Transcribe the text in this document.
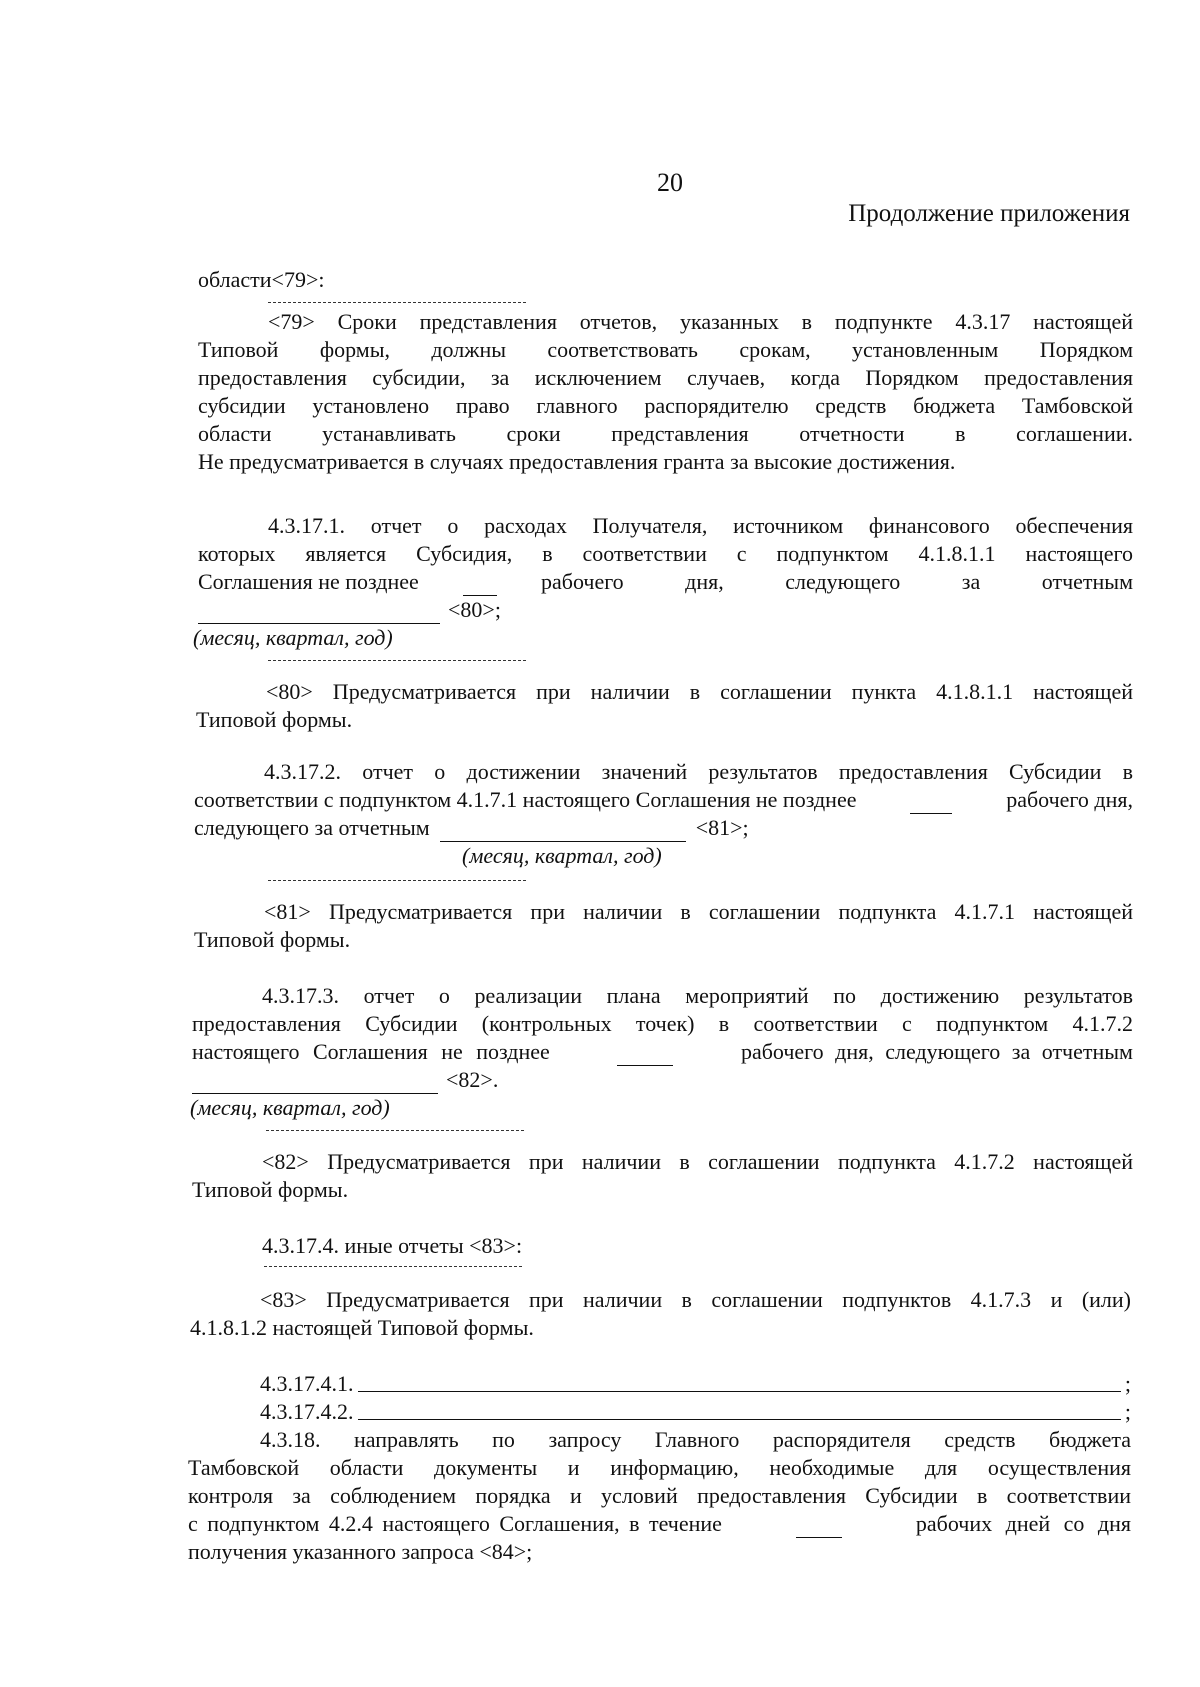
20
Продолжение приложения
области<79>:
<79> Сроки представления отчетов, указанных в подпункте 4.3.17 настоящей
Типовой формы, должны соответствовать срокам, установленным Порядком
предоставления субсидии, за исключением случаев, когда Порядком предоставления
субсидии установлено право главного распорядителю средств бюджета Тамбовской
области устанавливать сроки представления отчетности в соглашении.
Не предусматривается в случаях предоставления гранта за высокие достижения.
4.3.17.1. отчет о расходах Получателя, источником финансового обеспечения
которых является Субсидия, в соответствии с подпунктом 4.1.8.1.1 настоящего
Соглашения не позднее	рабочего дня, следующего за отчетным
<80>;
(месяц, квартал, год)
<80> Предусматривается при наличии в соглашении пункта 4.1.8.1.1 настоящей
Типовой формы.
4.3.17.2. отчет о достижении значений результатов предоставления Субсидии в
соответствии с подпунктом 4.1.7.1 настоящего Соглашения не позднее	рабочего дня,
следующего за отчетным	<81>;
(месяц, квартал, год)
<81> Предусматривается при наличии в соглашении подпункта 4.1.7.1 настоящей
Типовой формы.
4.3.17.3. отчет о реализации плана мероприятий по достижению результатов
предоставления Субсидии (контрольных точек) в соответствии с подпунктом 4.1.7.2
настоящего Соглашения не позднее	рабочего дня, следующего за отчетным
<82>.
(месяц, квартал, год)
<82> Предусматривается при наличии в соглашении подпункта 4.1.7.2 настоящей
Типовой формы.
4.3.17.4. иные отчеты <83>:
<83> Предусматривается при наличии в соглашении подпунктов 4.1.7.3 и (или)
4.1.8.1.2 настоящей Типовой формы.
4.3.17.4.1.	;
4.3.17.4.2.	;
4.3.18. направлять по запросу Главного распорядителя средств бюджета
Тамбовской области документы и информацию, необходимые для осуществления
контроля за соблюдением порядка и условий предоставления Субсидии в соответствии
с подпунктом 4.2.4 настоящего Соглашения, в течение	рабочих дней со дня
получения указанного запроса <84>;
